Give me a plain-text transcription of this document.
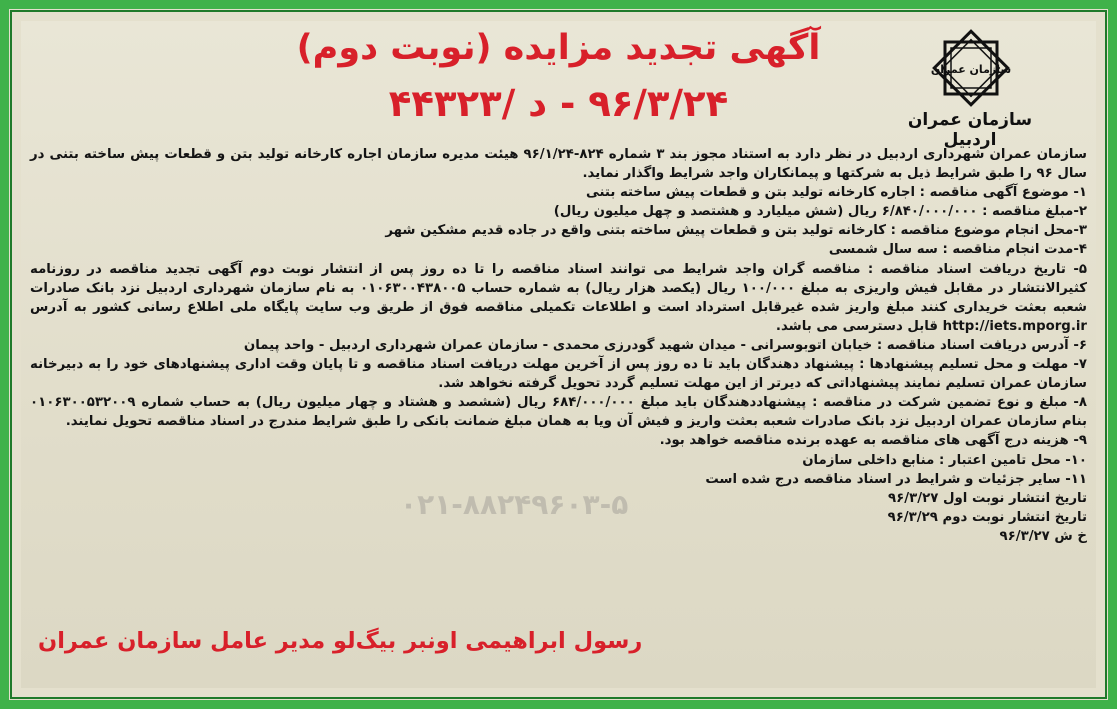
سازمان عمران
سازمان عمران اردبیل
آگهی تجدید مزایده (نوبت دوم)
۹۶/۳/۲۴ - د /۴۴۳۲۳

سازمان عمران شهرداری اردبیل در نظر دارد به استناد مجوز بند ۳ شماره ۸۲۴-۹۶/۱/۲۴ هیئت مدیره سازمان اجاره کارخانه تولید بتن و قطعات پیش ساخته بتنی در سال ۹۶ را طبق شرایط ذیل به شرکتها و پیمانکاران واجد شرایط واگذار نماید.

۱- موضوع آگهی مناقصه : اجاره کارخانه تولید بتن و قطعات پیش ساخته بتنی

۲-مبلغ مناقصه : ۶/۸۴۰/۰۰۰/۰۰۰ ریال (شش میلیارد و هشتصد و چهل میلیون ریال)

۳-محل انجام موضوع مناقصه : کارخانه تولید بتن و قطعات پیش ساخته بتنی واقع در جاده قدیم مشکین شهر

۴-مدت انجام مناقصه : سه سال شمسی

۵- تاریخ دریافت اسناد مناقصه : مناقصه گران واجد شرایط می توانند اسناد مناقصه را تا ده روز پس از انتشار نوبت دوم آگهی تجدید مناقصه در روزنامه کثیرالانتشار در مقابل فیش واریزی به مبلغ ۱۰۰/۰۰۰ ریال (یکصد هزار ریال) به شماره حساب ۰۱۰۶۳۰۰۴۳۸۰۰۵ به نام سازمان شهرداری اردبیل نزد بانک صادرات شعبه بعثت خریداری کنند مبلغ واریز شده غیرقابل استرداد است و اطلاعات تکمیلی مناقصه فوق از طریق وب سایت پایگاه ملی اطلاع رسانی کشور به آدرس http://iets.mporg.ir قابل دسترسی می باشد.

۶- آدرس دریافت اسناد مناقصه : خیابان اتوبوسرانی - میدان شهید گودرزی محمدی - سازمان عمران شهرداری اردبیل - واحد پیمان

۷- مهلت و محل تسلیم پیشنهادها : پیشنهاد دهندگان باید تا ده روز پس از آخرین مهلت دریافت اسناد مناقصه و تا پایان وقت اداری پیشنهادهای خود را به دبیرخانه سازمان عمران تسلیم نمایند پیشنهاداتی که دیرتر از این مهلت تسلیم گردد تحویل گرفته نخواهد شد.

۸- مبلغ و نوع تضمین شرکت در مناقصه : پیشنهاددهندگان باید مبلغ ۶۸۴/۰۰۰/۰۰۰ ریال (ششصد و هشتاد و چهار میلیون ریال) به حساب شماره ۰۱۰۶۳۰۰۵۳۲۰۰۹ بنام سازمان عمران اردبیل نزد بانک صادرات شعبه بعثت واریز و فیش آن ویا به همان مبلغ ضمانت بانکی را طبق شرایط مندرج در اسناد مناقصه تحویل نمایند.

۹- هزینه درج آگهی های مناقصه به عهده برنده مناقصه خواهد بود.

۱۰- محل تامین اعتبار : منابع داخلی سازمان

۱۱- سایر جزئیات و شرایط در اسناد مناقصه درج شده است

تاریخ انتشار نوبت اول ۹۶/۳/۲۷

تاریخ انتشار نوبت دوم ۹۶/۳/۲۹

خ ش ۹۶/۳/۲۷

۰۲۱-۸۸۲۴۹۶۰۳-۵
رسول ابراهیمی اونبر بیگ‌لو مدیر عامل سازمان عمران
